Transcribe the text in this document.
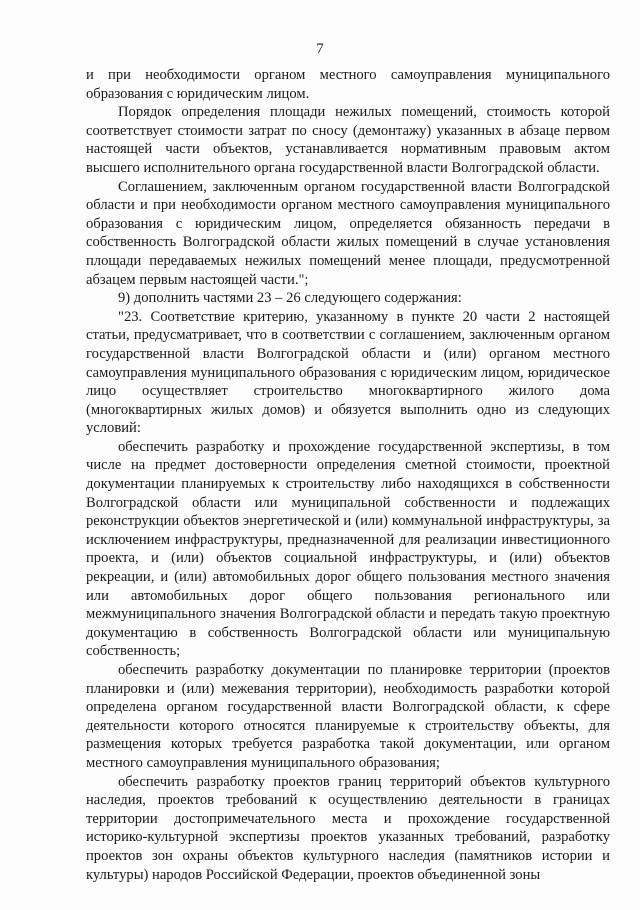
7

и при необходимости органом местного самоуправления муниципального образования с юридическим лицом.

Порядок определения площади нежилых помещений, стоимость которой соответствует стоимости затрат по сносу (демонтажу) указанных в абзаце первом настоящей части объектов, устанавливается нормативным правовым актом высшего исполнительного органа государственной власти Волгоградской области.

Соглашением, заключенным органом государственной власти Волгоградской области и при необходимости органом местного самоуправления муниципального образования с юридическим лицом, определяется обязанность передачи в собственность Волгоградской области жилых помещений в случае установления площади передаваемых нежилых помещений менее площади, предусмотренной абзацем первым настоящей части.";

9) дополнить частями 23 – 26 следующего содержания:

"23. Соответствие критерию, указанному в пункте 20 части 2 настоящей статьи, предусматривает, что в соответствии с соглашением, заключенным органом государственной власти Волгоградской области и (или) органом местного самоуправления муниципального образования с юридическим лицом, юридическое лицо осуществляет строительство многоквартирного жилого дома (многоквартирных жилых домов) и обязуется выполнить одно из следующих условий:

обеспечить разработку и прохождение государственной экспертизы, в том числе на предмет достоверности определения сметной стоимости, проектной документации планируемых к строительству либо находящихся в собственности Волгоградской области или муниципальной собственности и подлежащих реконструкции объектов энергетической и (или) коммунальной инфраструктуры, за исключением инфраструктуры, предназначенной для реализации инвестиционного проекта, и (или) объектов социальной инфраструктуры, и (или) объектов рекреации, и (или) автомобильных дорог общего пользования местного значения или автомобильных дорог общего пользования регионального или межмуниципального значения Волгоградской области и передать такую проектную документацию в собственность Волгоградской области или муниципальную собственность;

обеспечить разработку документации по планировке территории (проектов планировки и (или) межевания территории), необходимость разработки которой определена органом государственной власти Волгоградской области, к сфере деятельности которого относятся планируемые к строительству объекты, для размещения которых требуется разработка такой документации, или органом местного самоуправления муниципального образования;

обеспечить разработку проектов границ территорий объектов культурного наследия, проектов требований к осуществлению деятельности в границах территории достопримечательного места и прохождение государственной историко-культурной экспертизы проектов указанных требований, разработку проектов зон охраны объектов культурного наследия (памятников истории и культуры) народов Российской Федерации, проектов объединенной зоны
